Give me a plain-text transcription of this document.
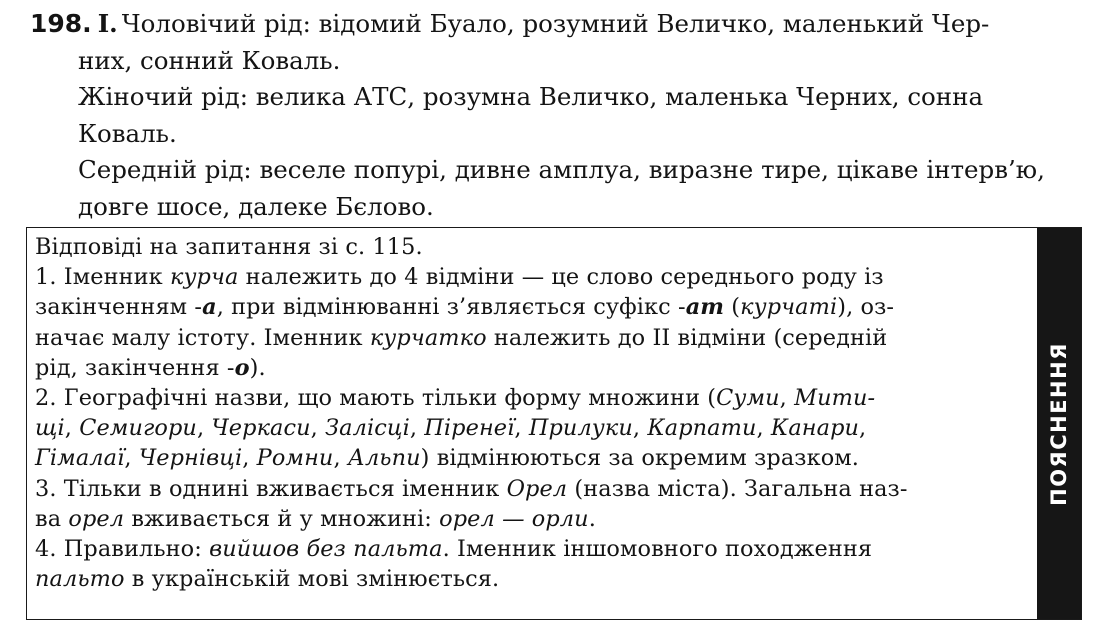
198. I. Чоловічий рід: відомий Буало, розумний Величко, маленький Чер-
них, сонний Коваль.
Жіночий рід: велика АТС, розумна Величко, маленька Черних, сонна
Коваль.
Середній рід: веселе попурі, дивне амплуа, виразне тире, цікаве інтерв’ю,
довге шосе, далеке Бєлово.
Відповіді на запитання зі с. 115.
1. Іменник курча належить до 4 відміни — це слово середнього роду із
закінченням -а, при відмінюванні з’являється суфікс -ат (курчаті), оз-
начає малу істоту. Іменник курчатко належить до II відміни (середній
рід, закінчення -о).
2. Географічні назви, що мають тільки форму множини (Суми, Мити-
щі, Семигори, Черкаси, Залісці, Піренеї, Прилуки, Карпати, Канари,
Гімалаї, Чернівці, Ромни, Альпи) відмінюються за окремим зразком.
3. Тільки в однині вживається іменник Орел (назва міста). Загальна наз-
ва орел вживається й у множині: орел — орли.
4. Правильно: вийшов без пальта. Іменник іншомовного походження
пальто в українській мові змінюється.
ПОЯСНЕННЯ
